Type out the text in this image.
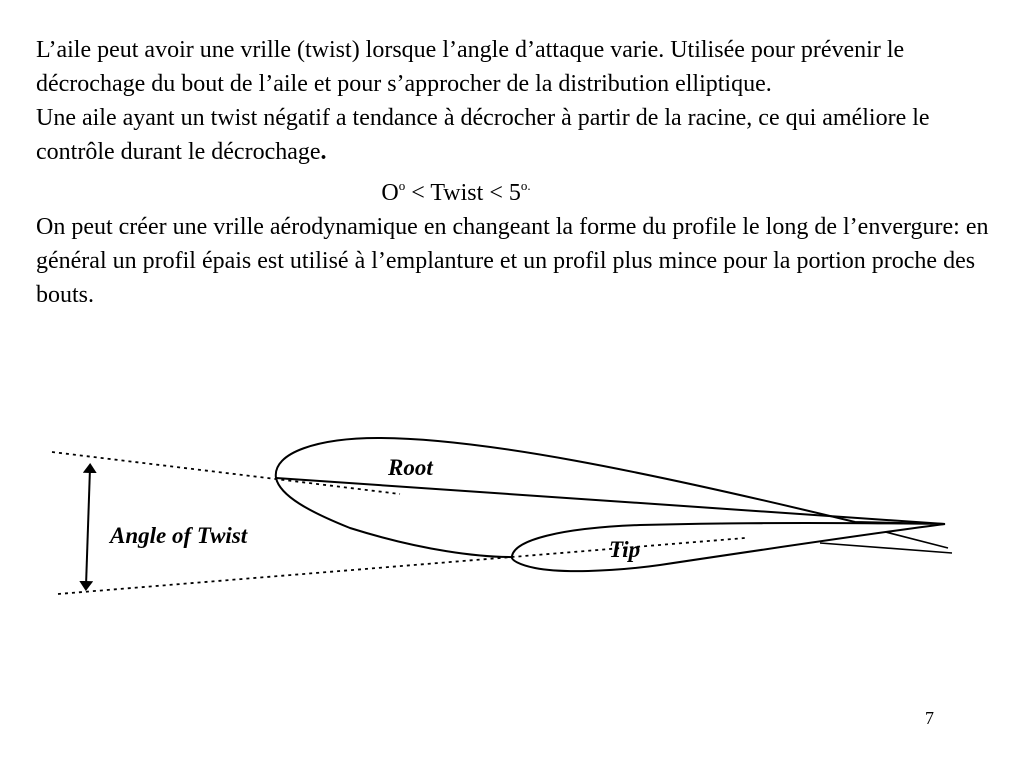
L’aile peut avoir une vrille (twist) lorsque l’angle d’attaque varie. Utilisée pour prévenir le décrochage du bout de l’aile et pour s’approcher de la distribution elliptique.

Une aile ayant un twist négatif a tendance à décrocher à partir de la racine, ce qui améliore le contrôle durant le décrochage.

$O^o$ < Twist < $5^{o.}$

On peut créer une vrille aérodynamique en changeant la forme du profile le long de l’envergure: en général un profil épais est utilisé à l’emplanture et un profil plus mince pour la portion proche des bouts.

Root
Tip
Angle of Twist
7
